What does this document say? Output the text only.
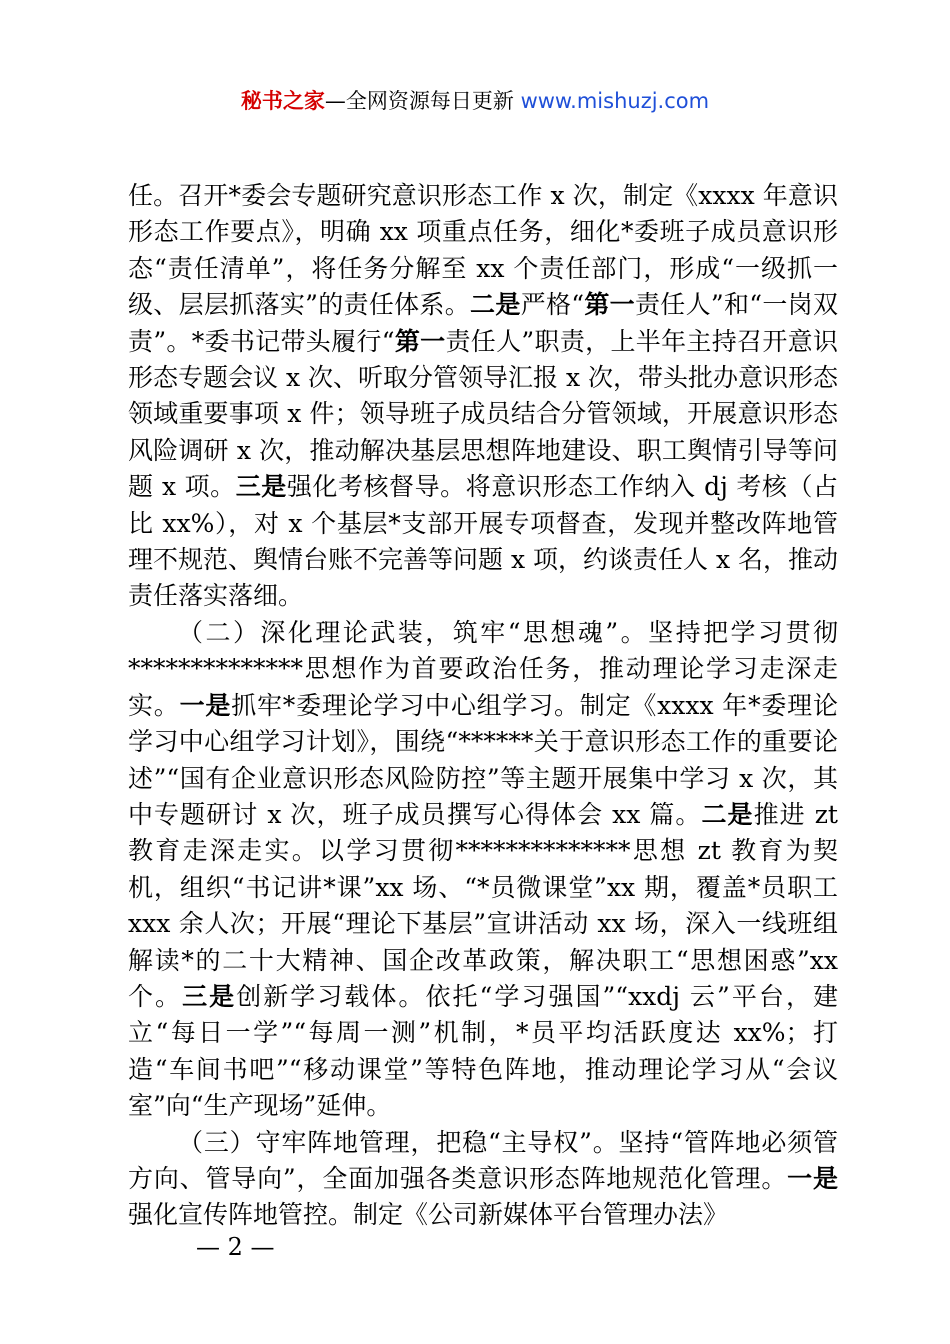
秘书之家—全网资源每日更新 www.mishuzj.com

任。召开*委会专题研究意识形态工作 x 次，制定《xxxx 年意识形态工作要点》，明确 xx 项重点任务，细化*委班子成员意识形态“责任清单”，将任务分解至 xx 个责任部门，形成“一级抓一级、层层抓落实”的责任体系。二是严格“第一责任人”和“一岗双责”。*委书记带头履行“第一责任人”职责，上半年主持召开意识形态专题会议 x 次、听取分管领导汇报 x 次，带头批办意识形态领域重要事项 x 件；领导班子成员结合分管领域，开展意识形态风险调研 x 次，推动解决基层思想阵地建设、职工舆情引导等问题 x 项。三是强化考核督导。将意识形态工作纳入 dj 考核（占比 xx%），对 x 个基层*支部开展专项督查，发现并整改阵地管理不规范、舆情台账不完善等问题 x 项，约谈责任人 x 名，推动责任落实落细。

（二）深化理论武装，筑牢“思想魂”。坚持把学习贯彻**************思想作为首要政治任务，推动理论学习走深走实。一是抓牢*委理论学习中心组学习。制定《xxxx 年*委理论学习中心组学习计划》，围绕“******关于意识形态工作的重要论述”“国有企业意识形态风险防控”等主题开展集中学习 x 次，其中专题研讨 x 次，班子成员撰写心得体会 xx 篇。二是推进 zt 教育走深走实。以学习贯彻**************思想 zt 教育为契机，组织“书记讲*课”xx 场、“*员微课堂”xx 期，覆盖*员职工 xxx 余人次；开展“理论下基层”宣讲活动 xx 场，深入一线班组解读*的二十大精神、国企改革政策，解决职工“思想困惑”xx 个。三是创新学习载体。依托“学习强国”“xxdj 云”平台，建立“每日一学”“每周一测”机制，*员平均活跃度达 xx%；打造“车间书吧”“移动课堂”等特色阵地，推动理论学习从“会议室”向“生产现场”延伸。

（三）守牢阵地管理，把稳“主导权”。坚持“管阵地必须管方向、管导向”，全面加强各类意识形态阵地规范化管理。一是强化宣传阵地管控。制定《公司新媒体平台管理办法》

— 2 —
